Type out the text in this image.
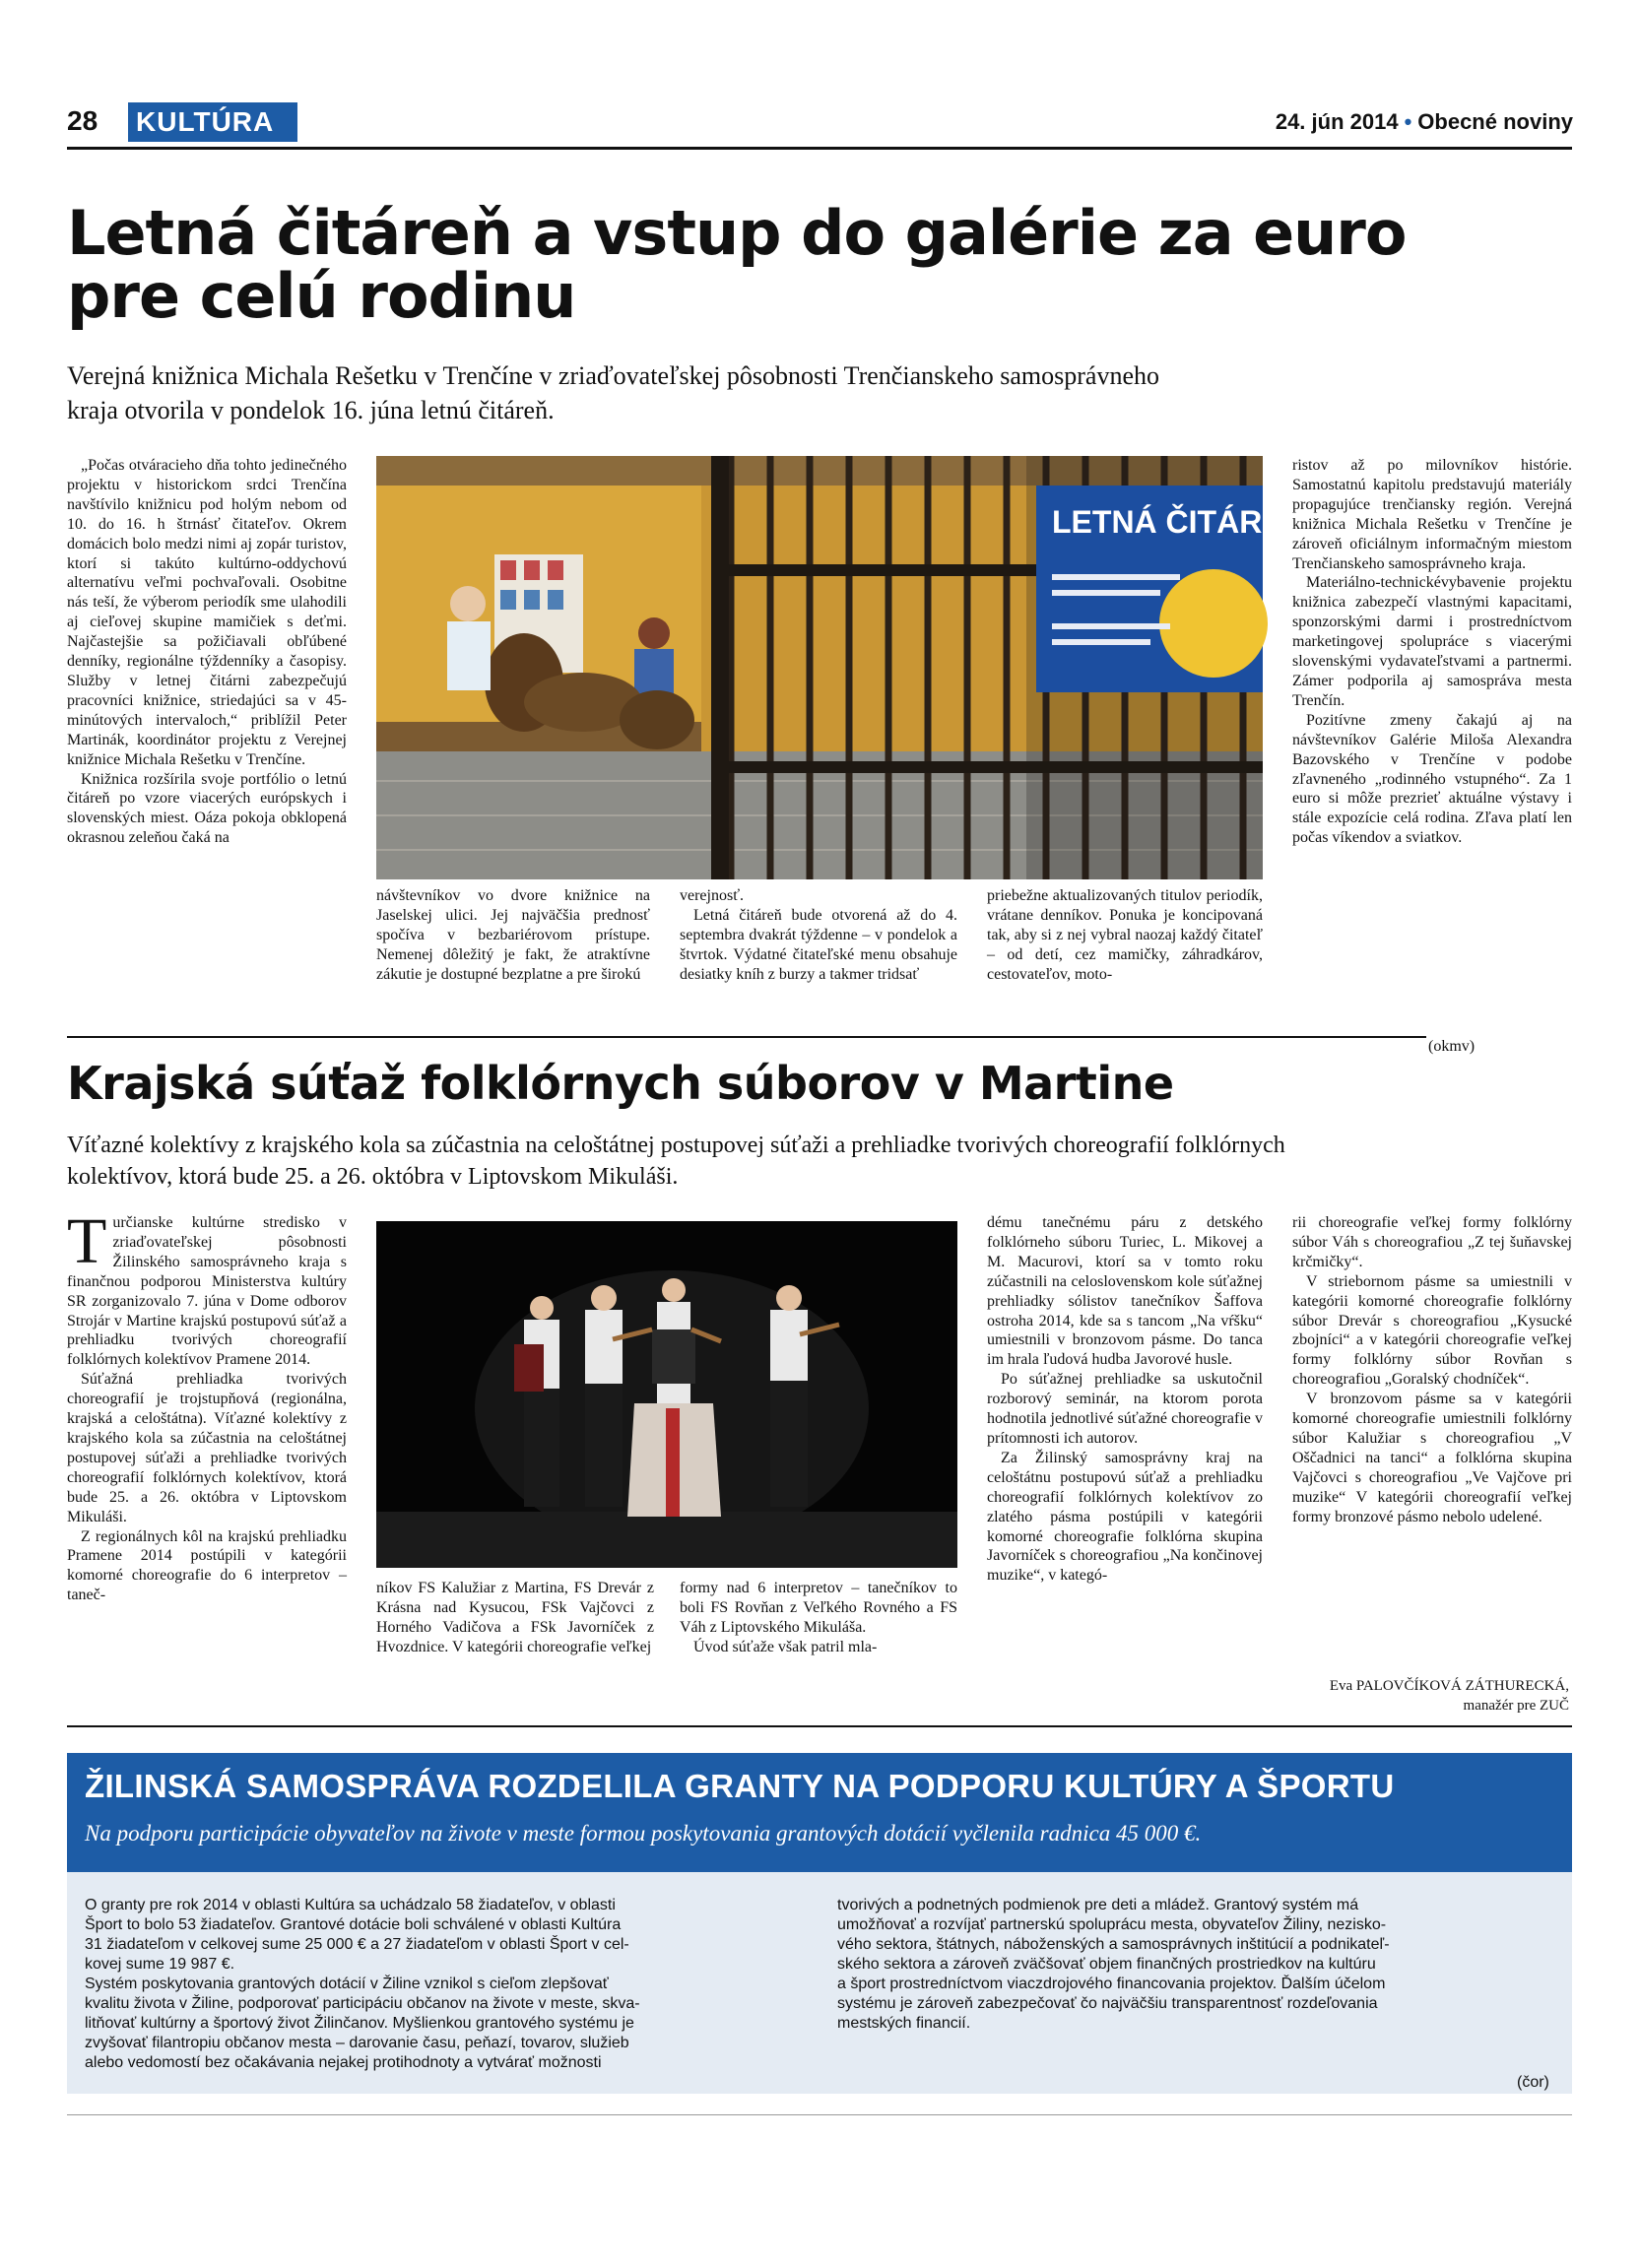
28 KULTÚRA	24. jún 2014 • Obecné noviny
Letná čitáreň a vstup do galérie za euro
pre celú rodinu
Verejná knižnica Michala Rešetku v Trenčíne v zriaďovateľskej pôsobnosti Trenčianskeho samosprávneho
kraja otvorila v pondelok 16. júna letnú čitáreň.

„Počas otváracieho dňa tohto jedinečného projektu v historickom srdci Trenčína navštívilo knižnicu pod holým nebom od 10. do 16. h štrnásť čitateľov. Okrem domácich bolo medzi nimi aj zopár turistov, ktorí si takúto kultúrno-oddychovú alternatívu veľmi pochvaľovali. Osobitne nás teší, že výberom periodík sme ulahodili aj cieľovej skupine mamičiek s deťmi. Najčastejšie sa požičiavali obľúbené denníky, regionálne týždenníky a časopisy. Služby v letnej čitárni zabezpečujú pracovníci knižnice, striedajúci sa v 45-minútových intervaloch,“ priblížil Peter Martinák, koordinátor projektu z Verejnej knižnice Michala Rešetku v Trenčíne.

Knižnica rozšírila svoje portfólio o letnú čitáreň po vzore viacerých európskych i slovenských miest. Oáza pokoja obklopená okrasnou zeleňou čaká na

LETNÁ ČITÁREŇ

návštevníkov vo dvore knižnice na Jaselskej ulici. Jej najväčšia prednosť spočíva v bezbariérovom prístupe. Nemenej dôležitý je fakt, že atraktívne zákutie je dostupné bezplatne a pre širokú

verejnosť.

Letná čitáreň bude otvorená až do 4. septembra dvakrát týždenne – v pondelok a štvrtok. Výdatné čitateľské menu obsahuje desiatky kníh z burzy a takmer tridsať

priebežne aktualizovaných titulov periodík, vrátane denníkov. Ponuka je koncipovaná tak, aby si z nej vybral naozaj každý čitateľ – od detí, cez mamičky, záhradkárov, cestovateľov, moto-

ristov až po milovníkov histórie. Samostatnú kapitolu predstavujú materiály propagujúce trenčiansky región. Verejná knižnica Michala Rešetku v Trenčíne je zároveň oficiálnym informačným miestom Trenčianskeho samosprávneho kraja.

Materiálno-technickévybavenie projektu knižnica zabezpečí vlastnými kapacitami, sponzorskými darmi i prostredníctvom marketingovej spolupráce s viacerými slovenskými vydavateľstvami a partnermi. Zámer podporila aj samospráva mesta Trenčín.

Pozitívne zmeny čakajú aj na návštevníkov Galérie Miloša Alexandra Bazovského v Trenčíne v podobe zľavneného „rodinného vstupného“. Za 1 euro si môže prezrieť aktuálne výstavy i stále expozície celá rodina. Zľava platí len počas víkendov a sviatkov.

(okmv)
Krajská súťaž folklórnych súborov v Martine
Víťazné kolektívy z krajského kola sa zúčastnia na celoštátnej postupovej súťaži a prehliadke tvorivých choreografií folklórnych
kolektívov, ktorá bude 25. a 26. októbra v Liptovskom Mikuláši.

Turčianske kultúrne stredisko v zriaďovateľskej pôsobnosti Žilinského samosprávneho kraja s finančnou podporou Ministerstva kultúry SR zorganizovalo 7. júna v Dome odborov Strojár v Martine krajskú postupovú súťaž a prehliadku tvorivých choreografií folklórnych kolektívov Pramene 2014.

Súťažná prehliadka tvorivých choreografií je trojstupňová (regionálna, krajská a celoštátna). Víťazné kolektívy z krajského kola sa zúčastnia na celoštátnej postupovej súťaži a prehliadke tvorivých choreografií folklórnych kolektívov, ktorá bude 25. a 26. októbra v Liptovskom Mikuláši.

Z regionálnych kôl na krajskú prehliadku Pramene 2014 postúpili v kategórii komorné choreografie do 6 interpretov – taneč-	níkov FS Kalužiar z Martina, FS Drevár z Krásna nad Kysucou, FSk Vajčovci z Horného Vadičova a FSk Javorníček z Hvozdnice. V kategórii choreografie veľkej

formy nad 6 interpretov – tanečníkov to boli FS Rovňan z Veľkého Rovného a FS Váh z Liptovského Mikuláša.

Úvod súťaže však patril mla-

dému tanečnému páru z detského folklórneho súboru Turiec, L. Mikovej a M. Macurovi, ktorí sa v tomto roku zúčastnili na celoslovenskom kole súťažnej prehliadky sólistov tanečníkov Šaffova ostroha 2014, kde sa s tancom „Na vŕšku“ umiestnili v bronzovom pásme. Do tanca im hrala ľudová hudba Javorové husle.

Po súťažnej prehliadke sa uskutočnil rozborový seminár, na ktorom porota hodnotila jednotlivé súťažné choreografie v prítomnosti ich autorov.

Za Žilinský samosprávny kraj na celoštátnu postupovú súťaž a prehliadku choreografií folklórnych kolektívov zo zlatého pásma postúpili v kategórii komorné choreografie folklórna skupina Javorníček s choreografiou „Na končinovej muzike“, v kategó-

rii choreografie veľkej formy folklórny súbor Váh s choreografiou „Z tej šuňavskej krčmičky“.

V striebornom pásme sa umiestnili v kategórii komorné choreografie folklórny súbor Drevár s choreografiou „Kysucké zbojníci“ a v kategórii choreografie veľkej formy folklórny súbor Rovňan s choreografiou „Goralský chodníček“.

V bronzovom pásme sa v kategórii komorné choreografie umiestnili folklórny súbor Kalužiar s choreografiou „V Oščadnici na tanci“ a folklórna skupina Vajčovci s choreografiou „Ve Vajčove pri muzike“ V kategórii choreografií veľkej formy bronzové pásmo nebolo udelené.

Eva PALOVČÍKOVÁ ZÁTHURECKÁ,
manažér pre ZUČ
ŽILINSKÁ SAMOSPRÁVA ROZDELILA GRANTY NA PODPORU KULTÚRY A ŠPORTU
Na podporu participácie obyvateľov na živote v meste formou poskytovania grantových dotácií vyčlenila radnica 45 000 €.
O granty pre rok 2014 v oblasti Kultúra sa uchádzalo 58 žiadateľov, v oblasti
Šport to bolo 53 žiadateľov. Grantové dotácie boli schválené v oblasti Kultúra
31 žiadateľom v celkovej sume 25 000 € a 27 žiadateľom v oblasti Šport v cel-
kovej sume 19 987 €.
Systém poskytovania grantových dotácií v Žiline vznikol s cieľom zlepšovať
kvalitu života v Žiline, podporovať participáciu občanov na živote v meste, skva-
litňovať kultúrny a športový život Žilinčanov. Myšlienkou grantového systému je
zvyšovať filantropiu občanov mesta – darovanie času, peňazí, tovarov, služieb
alebo vedomostí bez očakávania nejakej protihodnoty a vytvárať možnosti
tvorivých a podnetných podmienok pre deti a mládež. Grantový systém má
umožňovať a rozvíjať partnerskú spoluprácu mesta, obyvateľov Žiliny, nezisko-
vého sektora, štátnych, náboženských a samosprávnych inštitúcií a podnikateľ-
ského sektora a zároveň zväčšovať objem finančných prostriedkov na kultúru
a šport prostredníctvom viaczdrojového financovania projektov. Ďalším účelom
systému je zároveň zabezpečovať čo najväčšiu transparentnosť rozdeľovania
mestských financií.
(čor)
